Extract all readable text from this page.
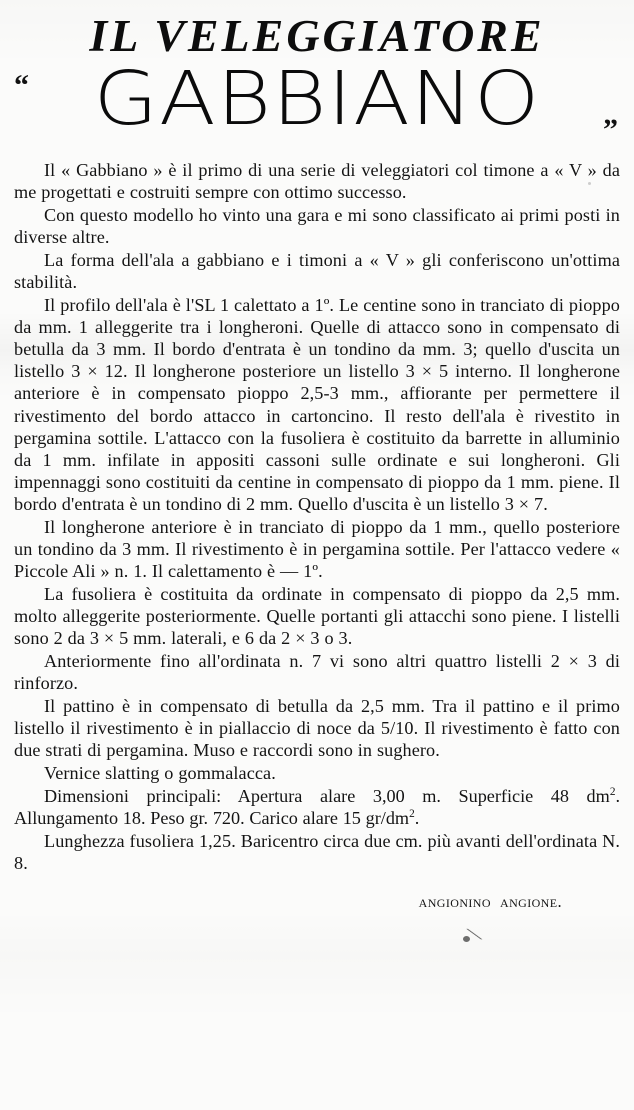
IL VELEGGIATORE
“ GABBIANO	”

Il « Gabbiano » è il primo di una serie di veleggiatori col timone a « V » da me progettati e costruiti sempre con ottimo successo.

Con questo modello ho vinto una gara e mi sono classificato ai primi posti in diverse altre.

La forma dell'ala a gabbiano e i timoni a « V » gli conferiscono un'ottima stabilità.

Il profilo dell'ala è l'SL 1 calettato a 1º. Le centine sono in tranciato di pioppo da mm. 1 alleggerite tra i longheroni. Quelle di attacco sono in compensato di betulla da 3 mm. Il bordo d'entrata è un tondino da mm. 3; quello d'uscita un listello 3 × 12. Il longherone posteriore un listello 3 × 5 interno. Il longherone anteriore è in compensato pioppo 2,5-3 mm., affiorante per permettere il rivestimento del bordo attacco in cartoncino. Il resto dell'ala è rivestito in pergamina sottile. L'attacco con la fusoliera è costituito da barrette in alluminio da 1 mm. infilate in appositi cassoni sulle ordinate e sui longheroni. Gli impennaggi sono costituiti da centine in compensato di pioppo da 1 mm. piene. Il bordo d'entrata è un tondino di 2 mm. Quello d'uscita è un listello 3 × 7.

Il longherone anteriore è in tranciato di pioppo da 1 mm., quello posteriore un tondino da 3 mm. Il rivestimento è in pergamina sottile. Per l'attacco vedere « Piccole Ali » n. 1. Il calettamento è — 1º.

La fusoliera è costituita da ordinate in compensato di pioppo da 2,5 mm. molto alleggerite posteriormente. Quelle portanti gli attacchi sono piene. I listelli sono 2 da 3 × 5 mm. laterali, e 6 da 2 × 3 o 3.

Anteriormente fino all'ordinata n. 7 vi sono altri quattro listelli 2 × 3 di rinforzo.

Il pattino è in compensato di betulla da 2,5 mm. Tra il pattino e il primo listello il rivestimento è in piallaccio di noce da 5/10. Il rivestimento è fatto con due strati di pergamina. Muso e raccordi sono in sughero.

Vernice slatting o gommalacca.

Dimensioni principali: Apertura alare 3,00 m. Superficie 48 $dm^2$. Allungamento 18. Peso gr. 720. Carico alare 15 $gr/dm^2$.

Lunghezza fusoliera 1,25. Baricentro circa due cm. più avanti dell'ordinata N. 8.

angionino angione.
